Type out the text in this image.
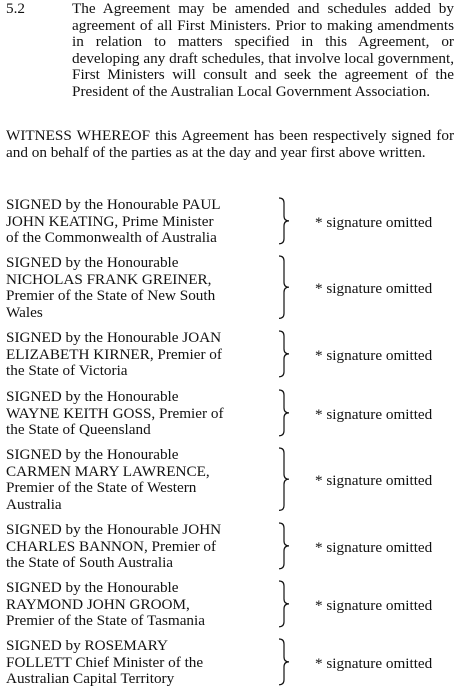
5.2	The Agreement may be amended and schedules added by agreement of all First Ministers. Prior to making amendments in relation to matters specified in this Agreement, or developing any draft schedules, that involve local government, First Ministers will consult and seek the agreement of the President of the Australian Local Government Association.
WITNESS WHEREOF this Agreement has been respectively signed for and on behalf of the parties as at the day and year first above written.
SIGNED by the Honourable PAUL
JOHN KEATING, Prime Minister
of the Commonwealth of Australia
* signature omitted
SIGNED by the Honourable
NICHOLAS FRANK GREINER,
Premier of the State of New South
Wales
* signature omitted
SIGNED by the Honourable JOAN
ELIZABETH KIRNER, Premier of
the State of Victoria
* signature omitted
SIGNED by the Honourable
WAYNE KEITH GOSS, Premier of
the State of Queensland
* signature omitted
SIGNED by the Honourable
CARMEN MARY LAWRENCE,
Premier of the State of Western
Australia
* signature omitted
SIGNED by the Honourable JOHN
CHARLES BANNON, Premier of
the State of South Australia
* signature omitted
SIGNED by the Honourable
RAYMOND JOHN GROOM,
Premier of the State of Tasmania
* signature omitted
SIGNED by ROSEMARY
FOLLETT Chief Minister of the
Australian Capital Territory
* signature omitted
